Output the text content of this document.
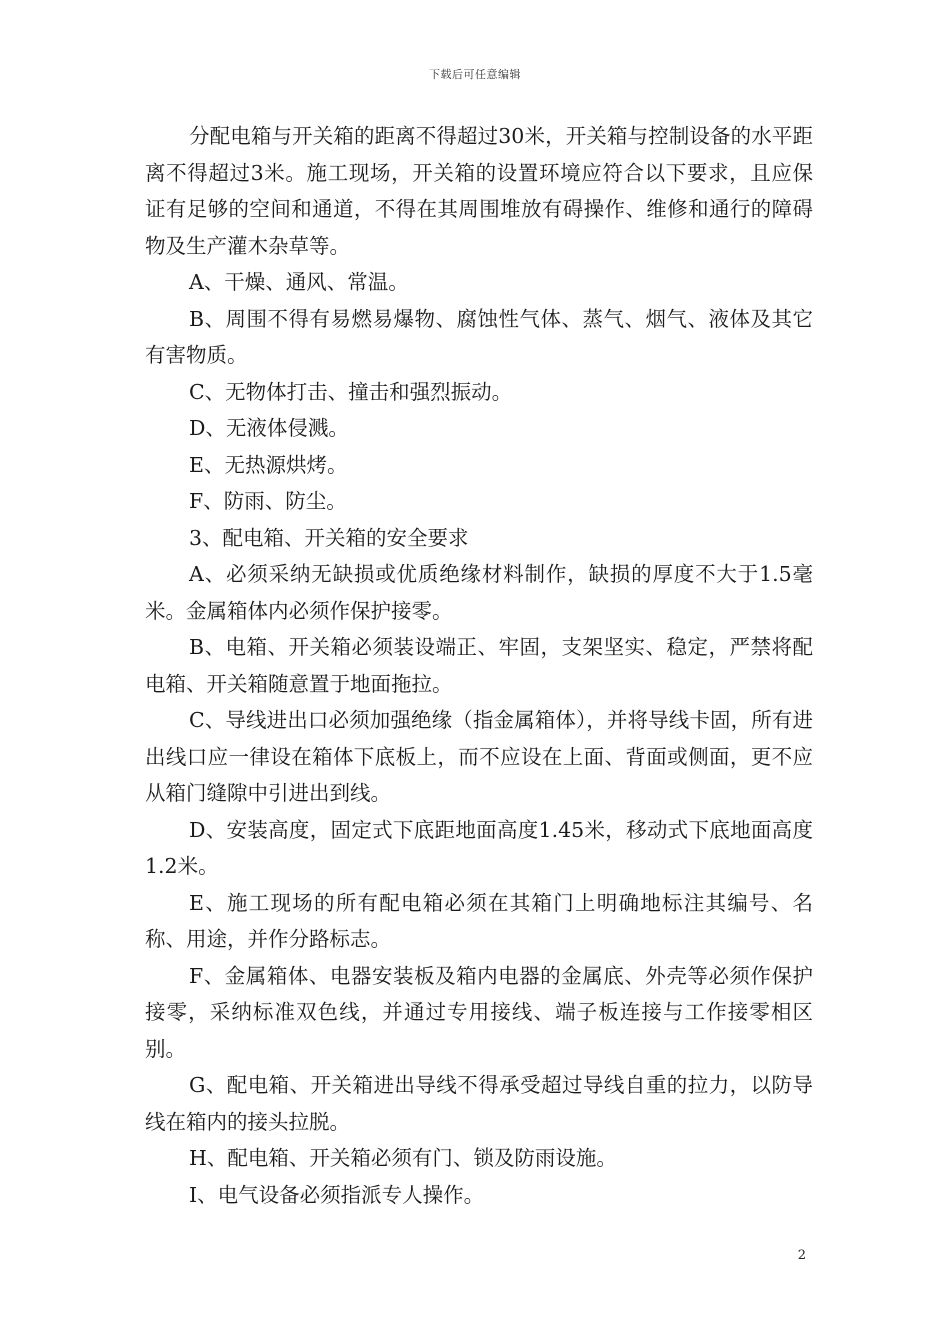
下载后可任意编辑

分配电箱与开关箱的距离不得超过30米，开关箱与控制设备的水平距离不得超过3米。施工现场，开关箱的设置环境应符合以下要求，且应保证有足够的空间和通道，不得在其周围堆放有碍操作、维修和通行的障碍物及生产灌木杂草等。

A、干燥、通风、常温。

B、周围不得有易燃易爆物、腐蚀性气体、蒸气、烟气、液体及其它有害物质。

C、无物体打击、撞击和强烈振动。

D、无液体侵溅。

E、无热源烘烤。

F、防雨、防尘。

3、配电箱、开关箱的安全要求

A、必须采纳无缺损或优质绝缘材料制作，缺损的厚度不大于1.5毫米。金属箱体内必须作保护接零。

B、电箱、开关箱必须装设端正、牢固，支架坚实、稳定，严禁将配电箱、开关箱随意置于地面拖拉。

C、导线进出口必须加强绝缘（指金属箱体），并将导线卡固，所有进出线口应一律设在箱体下底板上，而不应设在上面、背面或侧面，更不应从箱门缝隙中引进出到线。

D、安装高度，固定式下底距地面高度1.45米，移动式下底地面高度1.2米。

E、施工现场的所有配电箱必须在其箱门上明确地标注其编号、名称、用途，并作分路标志。

F、金属箱体、电器安装板及箱内电器的金属底、外壳等必须作保护接零，采纳标准双色线，并通过专用接线、端子板连接与工作接零相区别。

G、配电箱、开关箱进出导线不得承受超过导线自重的拉力，以防导线在箱内的接头拉脱。

H、配电箱、开关箱必须有门、锁及防雨设施。

I、电气设备必须指派专人操作。

2
